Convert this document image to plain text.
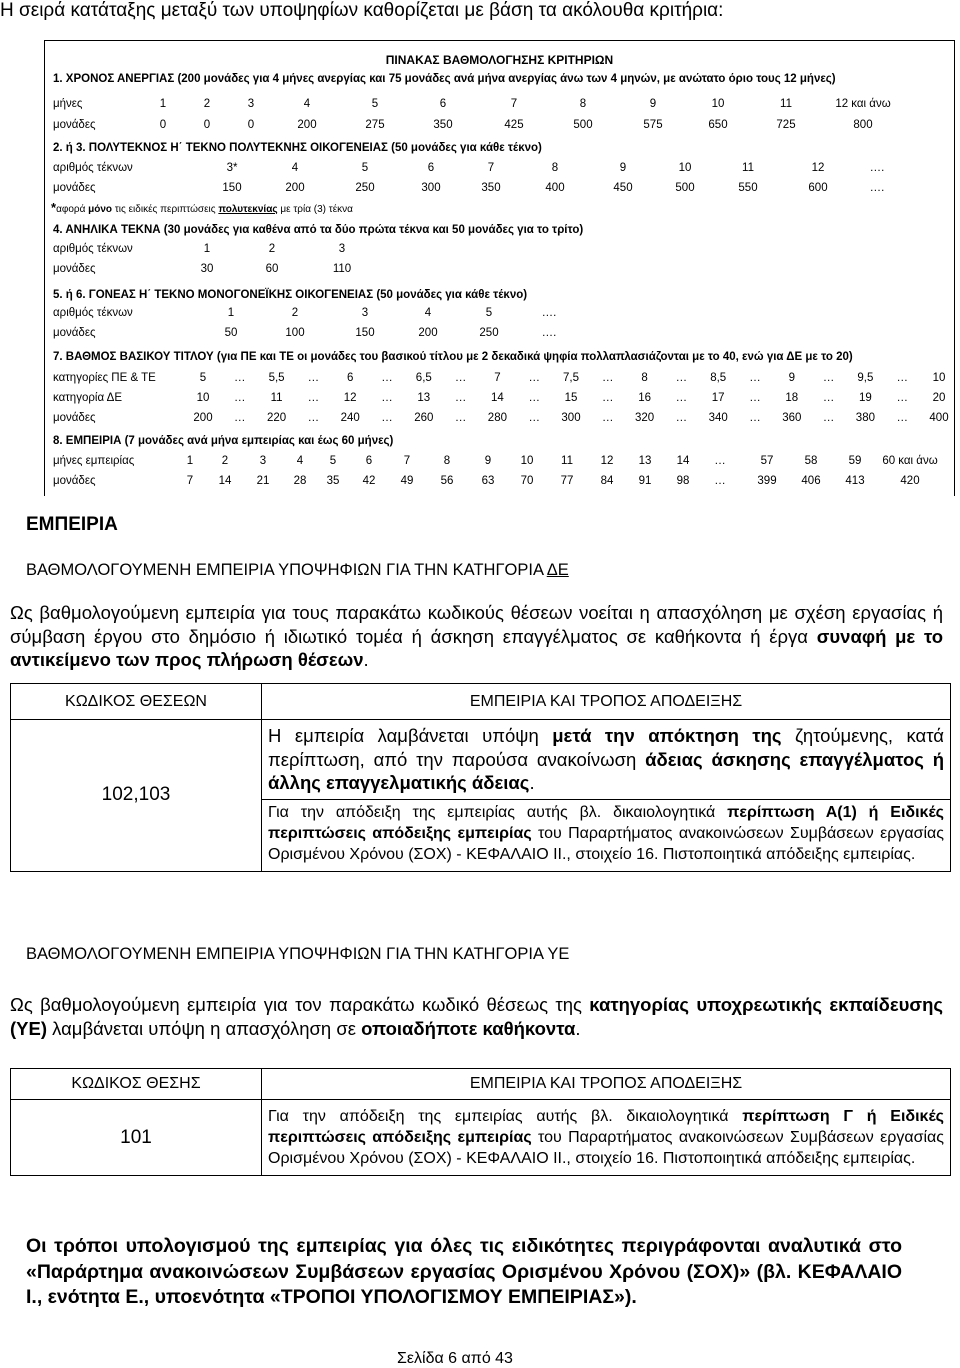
Η σειρά κατάταξης μεταξύ των υποψηφίων καθορίζεται με βάση τα ακόλουθα κριτήρια:
ΠΙΝΑΚΑΣ ΒΑΘΜΟΛΟΓΗΣΗΣ ΚΡΙΤΗΡΙΩΝ
1. ΧΡΟΝΟΣ ΑΝΕΡΓΙΑΣ (200 μονάδες για 4 μήνες ανεργίας και 75 μονάδες ανά μήνα ανεργίας άνω των 4 μηνών, με ανώτατο όριο τους 12 μήνες)
μήνες	1	2	3	4	5	6	7	8	9	10	11	12 και άνω
μονάδες	0	0	0	200	275	350	425	500	575	650	725	800
2. ή 3. ΠΟΛΥΤΕΚΝΟΣ Η΄ ΤΕΚΝΟ ΠΟΛΥΤΕΚΝΗΣ ΟΙΚΟΓΕΝΕΙΑΣ (50 μονάδες για κάθε τέκνο)
αριθμός τέκνων	3*	4	5	6	7	8	9	10	11	12	….
μονάδες	150	200	250	300	350	400	450	500	550	600	….
*αφορά μόνο τις ειδικές περιπτώσεις πολυτεκνίας με τρία (3) τέκνα
4. ΑΝΗΛΙΚΑ ΤΕΚΝΑ (30 μονάδες για καθένα από τα δύο πρώτα τέκνα και 50 μονάδες για το τρίτο)
αριθμός τέκνων	1	2	3
μονάδες	30	60	110
5. ή 6. ΓΟΝΕΑΣ Η΄ ΤΕΚΝΟ ΜΟΝΟΓΟΝΕΪΚΗΣ ΟΙΚΟΓΕΝΕΙΑΣ (50 μονάδες για κάθε τέκνο)
αριθμός τέκνων	1	2	3	4	5	….
μονάδες	50	100	150	200	250	….
7. ΒΑΘΜΟΣ ΒΑΣΙΚΟΥ ΤΙΤΛΟΥ (για ΠΕ και ΤΕ οι μονάδες του βασικού τίτλου με 2 δεκαδικά ψηφία πολλαπλασιάζονται με το 40, ενώ για ΔΕ με το 20)
κατηγορίες ΠΕ & ΤΕ	5 … 5,5 … 6 … 6,5 … 7 … 7,5 … 8 … 8,5 … 9 … 9,5 … 10
κατηγορία ΔΕ	10 … 11 … 12 … 13 … 14 … 15 … 16 … 17 … 18 … 19 … 20
μονάδες	200 … 220 … 240 … 260 … 280 … 300 … 320 … 340 … 360 … 380 … 400
8. ΕΜΠΕΙΡΙΑ (7 μονάδες ανά μήνα εμπειρίας και έως 60 μήνες)
μήνες εμπειρίας	1 2	3	4 5	6	7	8	9	10 11 12 13 14 …	57	58	59 60 και άνω
μονάδες	7 14 21 28 35 42 49 56 63 70 77 84 91 98 …	399 406 413	420
ΕΜΠΕΙΡΙΑ
ΒΑΘΜΟΛΟΓΟΥΜΕΝΗ ΕΜΠΕΙΡΙΑ ΥΠΟΨΗΦΙΩΝ ΓΙΑ ΤΗΝ ΚΑΤΗΓΟΡΙΑ ΔΕ
Ως βαθμολογούμενη εμπειρία για τους παρακάτω κωδικούς θέσεων νοείται η απασχόληση με σχέση εργασίας ή σύμβαση έργου στο δημόσιο ή ιδιωτικό τομέα ή άσκηση επαγγέλματος σε καθήκοντα ή έργα συναφή με το αντικείμενο των προς πλήρωση θέσεων.
ΚΩΔΙΚΟΣ ΘΕΣΕΩΝ	ΕΜΠΕΙΡΙΑ ΚΑΙ ΤΡΟΠΟΣ ΑΠΟΔΕΙΞΗΣ
102,103	Η εμπειρία λαμβάνεται υπόψη μετά την απόκτηση της ζητούμενης, κατά περίπτωση, από την παρούσα ανακοίνωση άδειας άσκησης επαγγέλματος ή άλλης επαγγελματικής άδειας.
	Για την απόδειξη της εμπειρίας αυτής βλ. δικαιολογητικά περίπτωση Α(1) ή Ειδικές περιπτώσεις απόδειξης εμπειρίας του Παραρτήματος ανακοινώσεων Συμβάσεων εργασίας Ορισμένου Χρόνου (ΣΟΧ) - ΚΕΦΑΛΑΙΟ ΙΙ., στοιχείο 16. Πιστοποιητικά απόδειξης εμπειρίας.
ΒΑΘΜΟΛΟΓΟΥΜΕΝΗ ΕΜΠΕΙΡΙΑ ΥΠΟΨΗΦΙΩΝ ΓΙΑ ΤΗΝ ΚΑΤΗΓΟΡΙΑ ΥΕ
Ως βαθμολογούμενη εμπειρία για τον παρακάτω κωδικό θέσεως της κατηγορίας υποχρεωτικής εκπαίδευσης (ΥΕ) λαμβάνεται υπόψη η απασχόληση σε οποιαδήποτε καθήκοντα.
ΚΩΔΙΚΟΣ ΘΕΣΗΣ	ΕΜΠΕΙΡΙΑ ΚΑΙ ΤΡΟΠΟΣ ΑΠΟΔΕΙΞΗΣ
101	Για την απόδειξη της εμπειρίας αυτής βλ. δικαιολογητικά περίπτωση Γ ή Ειδικές περιπτώσεις απόδειξης εμπειρίας του Παραρτήματος ανακοινώσεων Συμβάσεων εργασίας Ορισμένου Χρόνου (ΣΟΧ) - ΚΕΦΑΛΑΙΟ ΙΙ., στοιχείο 16. Πιστοποιητικά απόδειξης εμπειρίας.
Οι τρόποι υπολογισμού της εμπειρίας για όλες τις ειδικότητες περιγράφονται αναλυτικά στο «Παράρτημα ανακοινώσεων Συμβάσεων εργασίας Ορισμένου Χρόνου (ΣΟΧ)» (βλ. ΚΕΦΑΛΑΙΟ Ι., ενότητα Ε., υποενότητα «ΤΡΟΠΟΙ ΥΠΟΛΟΓΙΣΜΟΥ ΕΜΠΕΙΡΙΑΣ»).
Σελίδα 6 από 43
